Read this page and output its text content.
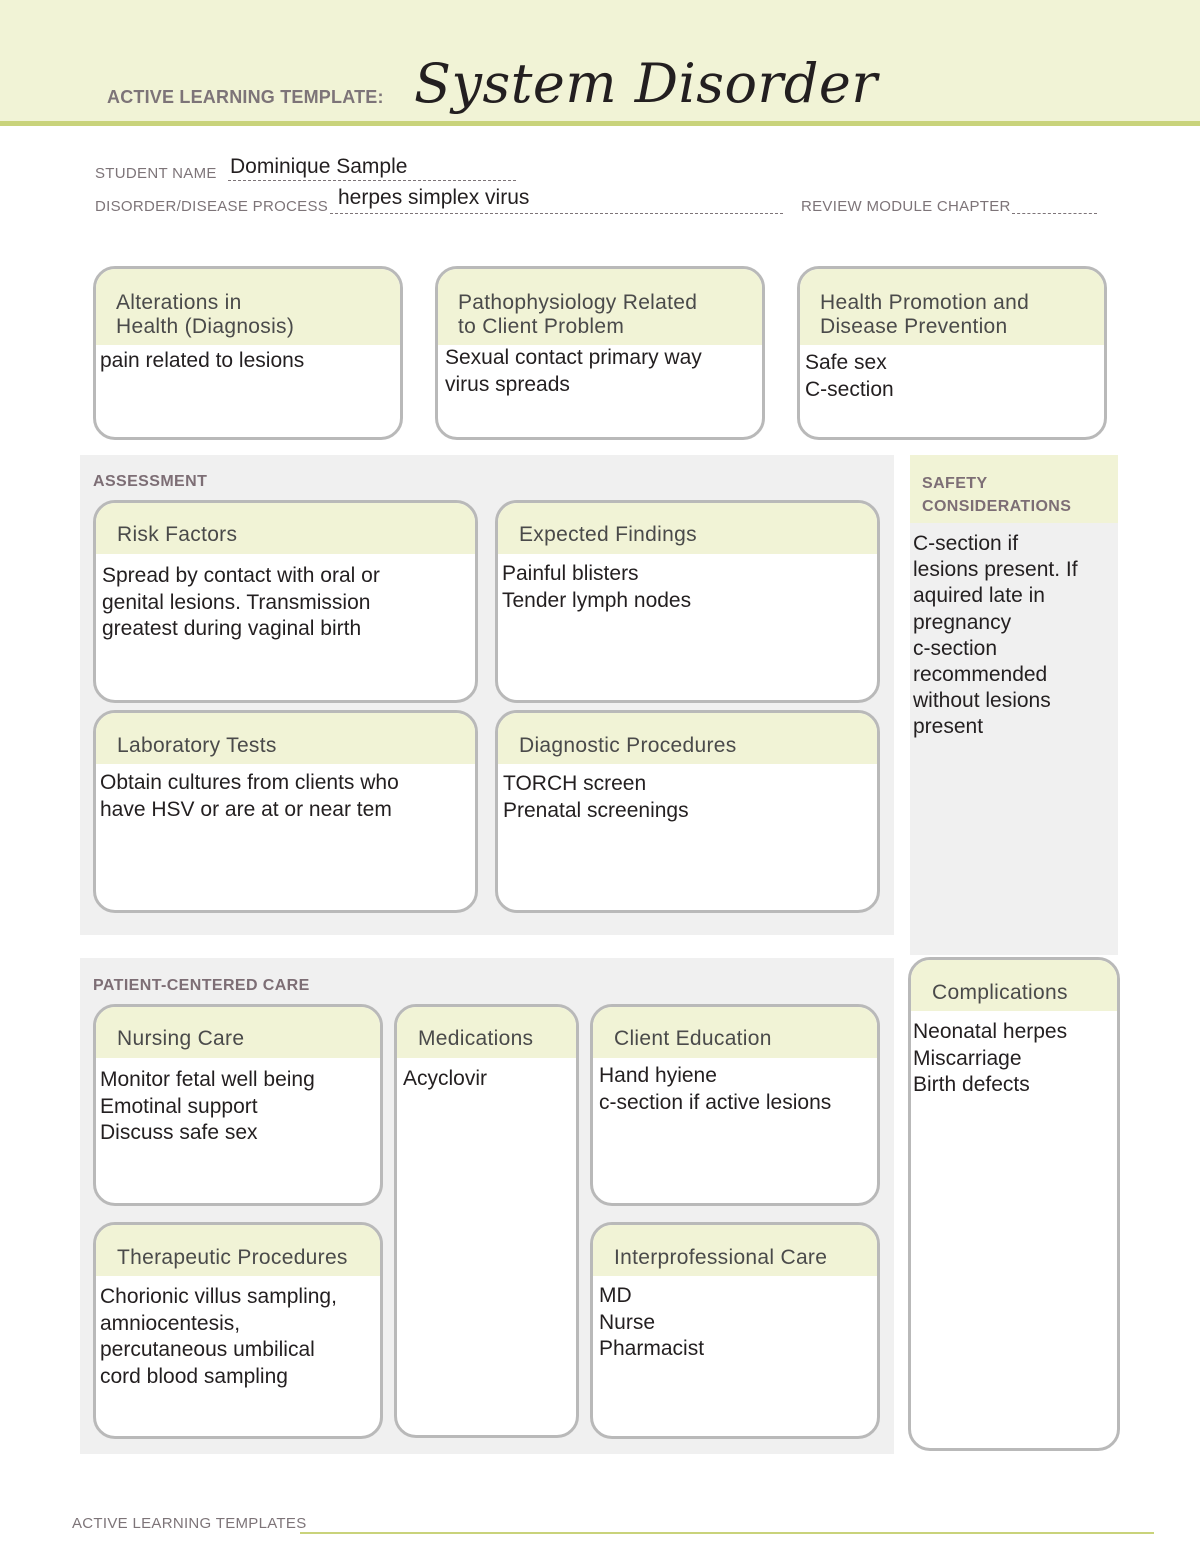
ACTIVE LEARNING TEMPLATE: System Disorder
STUDENT NAME Dominique Sample
DISORDER/DISEASE PROCESS herpes simplex virus	REVIEW MODULE CHAPTER
Alterations in
Health (Diagnosis)
pain related to lesions
Pathophysiology Related
to Client Problem
Sexual contact primary way
virus spreads
Health Promotion and
Disease Prevention
Safe sex
C-section
ASSESSMENT
Risk Factors
Spread by contact with oral or
genital lesions. Transmission
greatest during vaginal birth
Expected Findings
Painful blisters
Tender lymph nodes
Laboratory Tests
Obtain cultures from clients who
have HSV or are at or near tem
Diagnostic Procedures
TORCH screen
Prenatal screenings
SAFETY
CONSIDERATIONS
C-section if
lesions present. If
aquired late in
pregnancy
c-section
recommended
without lesions
present
PATIENT-CENTERED CARE
Nursing Care
Monitor fetal well being
Emotinal support
Discuss safe sex
Medications
Acyclovir
Client Education
Hand hyiene
c-section if active lesions
Therapeutic Procedures
Chorionic villus sampling,
amniocentesis,
percutaneous umbilical
cord blood sampling
Interprofessional Care
MD
Nurse
Pharmacist
Complications
Neonatal herpes
Miscarriage
Birth defects
ACTIVE LEARNING TEMPLATES
